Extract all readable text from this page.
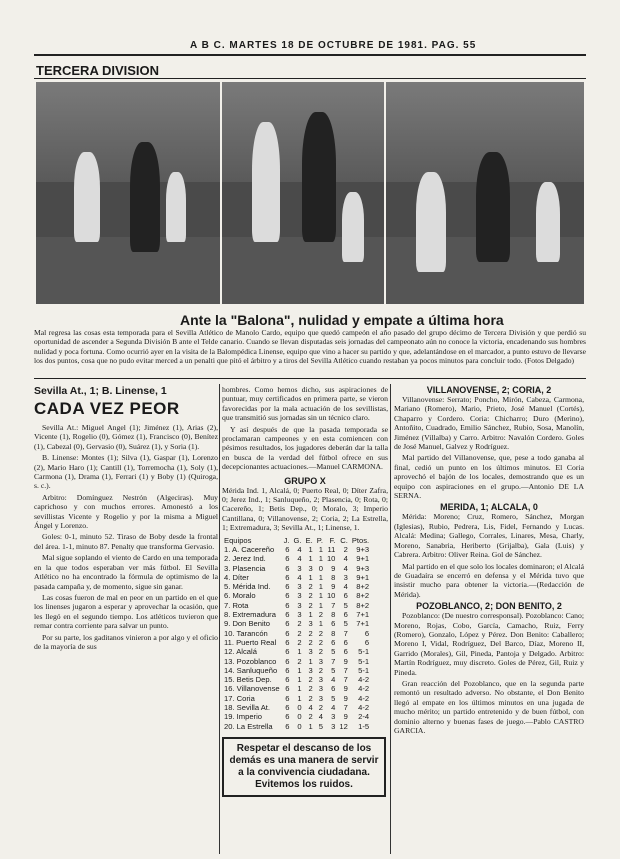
A B C. MARTES 18 DE OCTUBRE DE 1981. PAG. 55
TERCERA DIVISION
Ante la "Balona", nulidad y empate a última hora
Mal regresa las cosas esta temporada para el Sevilla Atlético de Manolo Cardo, equipo que quedó campeón el año pasado del grupo décimo de Tercera División y que perdió su oportunidad de ascender a Segunda División B ante el Telde canario. Cuando se llevan disputadas seis jornadas del campeonato aún no conoce la victoria, encadenando sus hombres nulidad y poca fortuna. Como ocurrió ayer en la visita de la Balompédica Linense, equipo que vino a hacer su partido y que, adelantándose en el marcador, a punto estuvo de llevarse los dos puntos, cosa que no pudo evitar merced a un penalti que pitó el árbitro y a tiros del Sevilla Atlético cuando restaban ya pocos minutos para concluir todo. (Fotos Delgado)
Sevilla At., 1; B. Linense, 1
CADA VEZ PEOR

Sevilla At.: Miguel Angel (1); Jiménez (1), Arias (2), Vicente (1), Rogelio (0), Gómez (1), Francisco (0), Benítez (1), Cabezal (0), Gervasio (0), Suárez (1), y Soria (1).

B. Linense: Montes (1); Silva (1), Gaspar (1), Lorenzo (2), Mario Haro (1); Cantill (1), Torremocha (1), Soly (1), Carmona (1), Drama (1), Ferrari (1) y Boby (1) (Quiroga, s. c.).

Arbitro: Domínguez Nestrón (Algeciras). Muy caprichoso y con muchos errores. Amonestó a los sevillistas Vicente y Rogelio y por la misma a Miguel Ángel y Lorenzo.

Goles: 0-1, minuto 52. Tiraso de Boby desde la frontal del área. 1-1, minuto 87. Penalty que transforma Gervasio.

Mal sigue soplando el viento de Cardo en una temporada en la que todos esperaban ver más fútbol. El Sevilla Atlético no ha encontrado la fórmula de optimismo de la pasada campaña y, de momento, sigue sin ganar.

Las cosas fueron de mal en peor en un partido en el que los linenses jugaron a esperar y aprovechar la ocasión, que les llegó en el segundo tiempo. Los atléticos tuvieron que remar contra corriente para salvar un punto.

Por su parte, los gaditanos vinieron a por algo y el oficio de la mayoría de sus

hombres. Como hemos dicho, sus aspiraciones de puntuar, muy certificados en primera parte, se vieron favorecidas por la mala actuación de los sevillistas, que transmitió sus jornadas sin un técnico claro.

Y así después de que la pasada temporada se proclamaran campeones y en esta comiencen con pésimos resultados, los jugadores deberán dar la talla en busca de la verdad del fútbol ofrece en sus decepcionantes actuaciones.—Manuel CARMONA.

GRUPO X
Mérida Ind. 1, Alcalá, 0; Puerto Real, 0; Díter Zafra, 0; Jerez Ind., 1; Sanluqueño, 2; Plasencia, 0; Rota, 0; Cacereño, 1; Betis Dep., 0; Moralo, 3; Imperio Cantillana, 0; Villanovense, 2; Coria, 2; La Estrella, 1; Extremadura, 3; Sevilla At., 1; Linense, 1.
Equipos	J.	G.	E.	P.	F.	C.	Ptos.
1. A. Cacereño	6	4	1	1	11	2	9+3
2. Jerez Ind.	6	4	1	1	10	4	9+1
3. Plasencia	6	3	3	0	9	4	9+3
4. Díter	6	4	1	1	8	3	9+1
5. Mérida Ind.	6	3	2	1	9	4	8+2
6. Moralo	6	3	2	1	10	6	8+2
7. Rota	6	3	2	1	7	5	8+2
8. Extremadura	6	3	1	2	8	6	7+1
9. Don Benito	6	2	3	1	6	5	7+1
10. Tarancón	6	2	2	2	8	7	6
11. Puerto Real	6	2	2	2	6	6	6
12. Alcalá	6	1	3	2	5	6	5-1
13. Pozoblanco	6	2	1	3	7	9	5-1
14. Sanluqueño	6	1	3	2	5	7	5-1
15. Betis Dep.	6	1	2	3	4	7	4-2
16. Villanovense	6	1	2	3	6	9	4-2
17. Coria	6	1	2	3	5	9	4-2
18. Sevilla At.	6	0	4	2	4	7	4-2
19. Imperio	6	0	2	4	3	9	2-4
20. La Estrella	6	0	1	5	3	12	1-5
Respetar el descanso de los demás es una manera de servir a la convivencia ciudadana. Evitemos los ruidos.
VILLANOVENSE, 2; CORIA, 2

Villanovense: Serrato; Poncho, Mirón, Cabeza, Carmona, Mariano (Romero), Mario, Prieto, José Manuel (Cortés), Chaparro y Cordero. Coria: Chicharro; Duro (Merino), Antoñito, Cuadrado, Emilio Sánchez, Rubio, Sosa, Manolín, Jiménez (Villalba) y Carro. Arbitro: Navalón Cordero. Goles de José Manuel, Galvez y Rodríguez.

Mal partido del Villanovense, que, pese a todo ganaba al final, cedió un punto en los últimos minutos. El Coria aprovechó el bajón de los locales, demostrando que es un equipo con aspiraciones en el grupo.—Antonio DE LA SERNA.

MERIDA, 1; ALCALA, 0

Mérida: Moreno; Cruz, Romero, Sánchez, Morgan (Iglesias), Rubio, Pedrera, Lis, Fidel, Fernando y Lucas. Alcalá: Medina; Gallego, Corrales, Linares, Mesa, Charly, Moreno, Sanabria, Heriberto (Grijalba), Gala (Luis) y Cabrera. Arbitro: Oliver Reina. Gol de Sánchez.

Mal partido en el que solo los locales dominaron; el Alcalá de Guadaíra se encerró en defensa y el Mérida tuvo que insistir mucho para obtener la victoria.—(Redacción de Mérida).

POZOBLANCO, 2; DON BENITO, 2

Pozoblanco: (De nuestro corresponsal). Pozoblanco: Cano; Moreno, Rojas, Cobo, García, Camacho, Ruiz, Ferry (Romero), Gonzalo, López y Pérez. Don Benito: Caballero; Moreno I, Vidal, Rodríguez, Del Barco, Díaz, Moreno II, Garrido (Morales), Gil, Pineda, Pantoja y Delgado. Arbitro: Martín Rodríguez, muy discreto. Goles de Pérez, Gil, Ruiz y Pineda.

Gran reacción del Pozoblanco, que en la segunda parte remontó un resultado adverso. No obstante, el Don Benito llegó al empate en los últimos minutos en una jugada de mucho mérito; un partido entretenido y de buen fútbol, con dominio alterno y buenas fases de juego.—Pablo CASTRO GARCIA.
